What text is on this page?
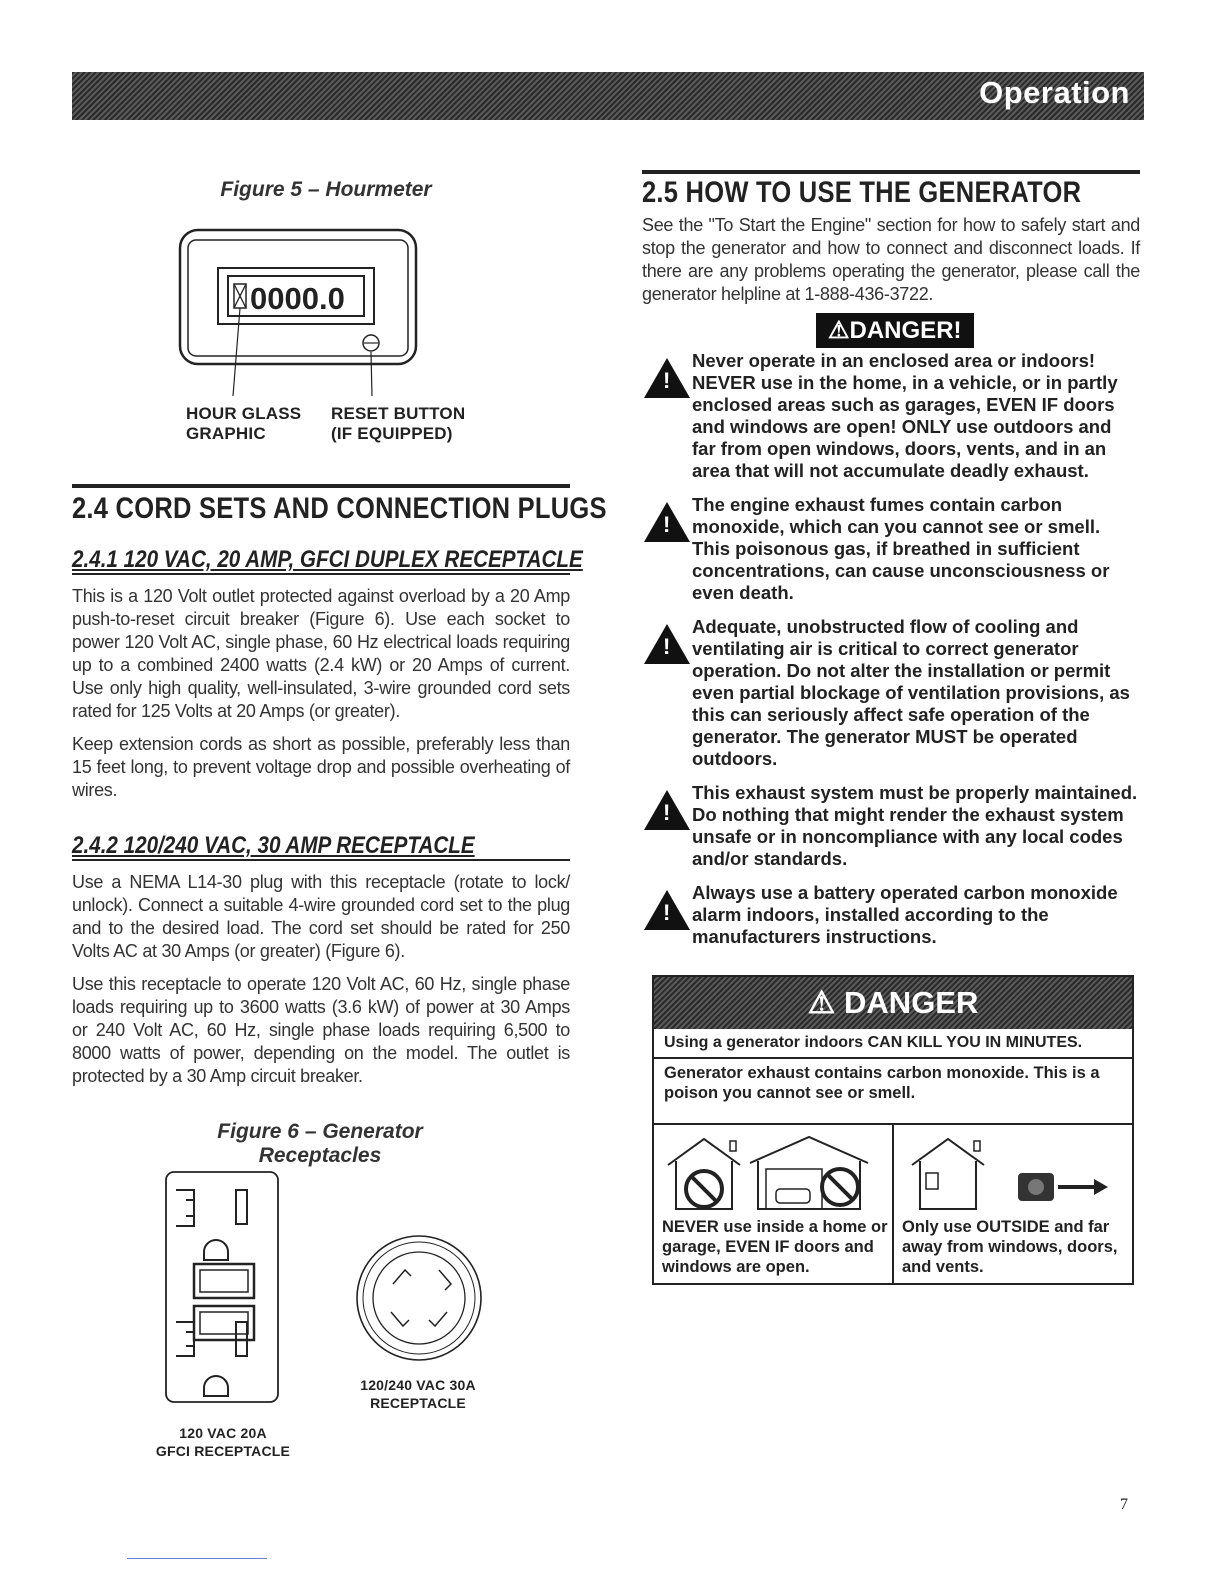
Operation
Figure 5 – Hourmeter
0000.0
HOUR GLASS
GRAPHIC
RESET BUTTON
(IF EQUIPPED)
2.4 CORD SETS AND CONNECTION PLUGS
2.4.1 120 VAC, 20 AMP, GFCI DUPLEX RECEPTACLE

This is a 120 Volt outlet protected against overload by a 20 Amp push-to-reset circuit breaker (Figure 6). Use each socket to power 120 Volt AC, single phase, 60 Hz electrical loads requiring up to a combined 2400 watts (2.4 kW) or 20 Amps of current. Use only high quality, well-insulated, 3-wire grounded cord sets rated for 125 Volts at 20 Amps (or greater).

Keep extension cords as short as possible, preferably less than 15 feet long, to prevent voltage drop and possible overheating of wires.

2.4.2 120/240 VAC, 30 AMP RECEPTACLE

Use a NEMA L14-30 plug with this receptacle (rotate to lock/ unlock). Connect a suitable 4-wire grounded cord set to the plug and to the desired load. The cord set should be rated for 250 Volts AC at 30 Amps (or greater) (Figure 6).

Use this receptacle to operate 120 Volt AC, 60 Hz, single phase loads requiring up to 3600 watts (3.6 kW) of power at 30 Amps or 240 Volt AC, 60 Hz, single phase loads requiring 6,500 to 8000 watts of power, depending on the model. The outlet is protected by a 30 Amp circuit breaker.

Figure 6 – Generator Receptacles
120/240 VAC 30A
RECEPTACLE
120 VAC 20A
GFCI RECEPTACLE
2.5 HOW TO USE THE GENERATOR

See the "To Start the Engine" section for how to safely start and stop the generator and how to connect and disconnect loads. If there are any problems operating the generator, please call the generator helpline at 1-888-436-3722.

⚠DANGER!
!
Never operate in an enclosed area or indoors! NEVER use in the home, in a vehicle, or in partly enclosed areas such as garages, EVEN IF doors and windows are open! ONLY use outdoors and far from open windows, doors, vents, and in an area that will not accumulate deadly exhaust.
!
The engine exhaust fumes contain carbon monoxide, which can you cannot see or smell. This poisonous gas, if breathed in sufficient concentrations, can cause unconsciousness or even death.
!
Adequate, unobstructed flow of cooling and ventilating air is critical to correct generator operation. Do not alter the installation or permit even partial blockage of ventilation provisions, as this can seriously affect safe operation of the generator. The generator MUST be operated outdoors.
!
This exhaust system must be properly maintained. Do nothing that might render the exhaust system unsafe or in noncompliance with any local codes and/or standards.
!
Always use a battery operated carbon monoxide alarm indoors, installed according to the manufacturers instructions.
⚠ DANGER
Using a generator indoors CAN KILL YOU IN MINUTES.
Generator exhaust contains carbon monoxide. This is a poison you cannot see or smell.
NEVER use inside a home or garage, EVEN IF doors and windows are open.
Only use OUTSIDE and far away from windows, doors, and vents.
7
